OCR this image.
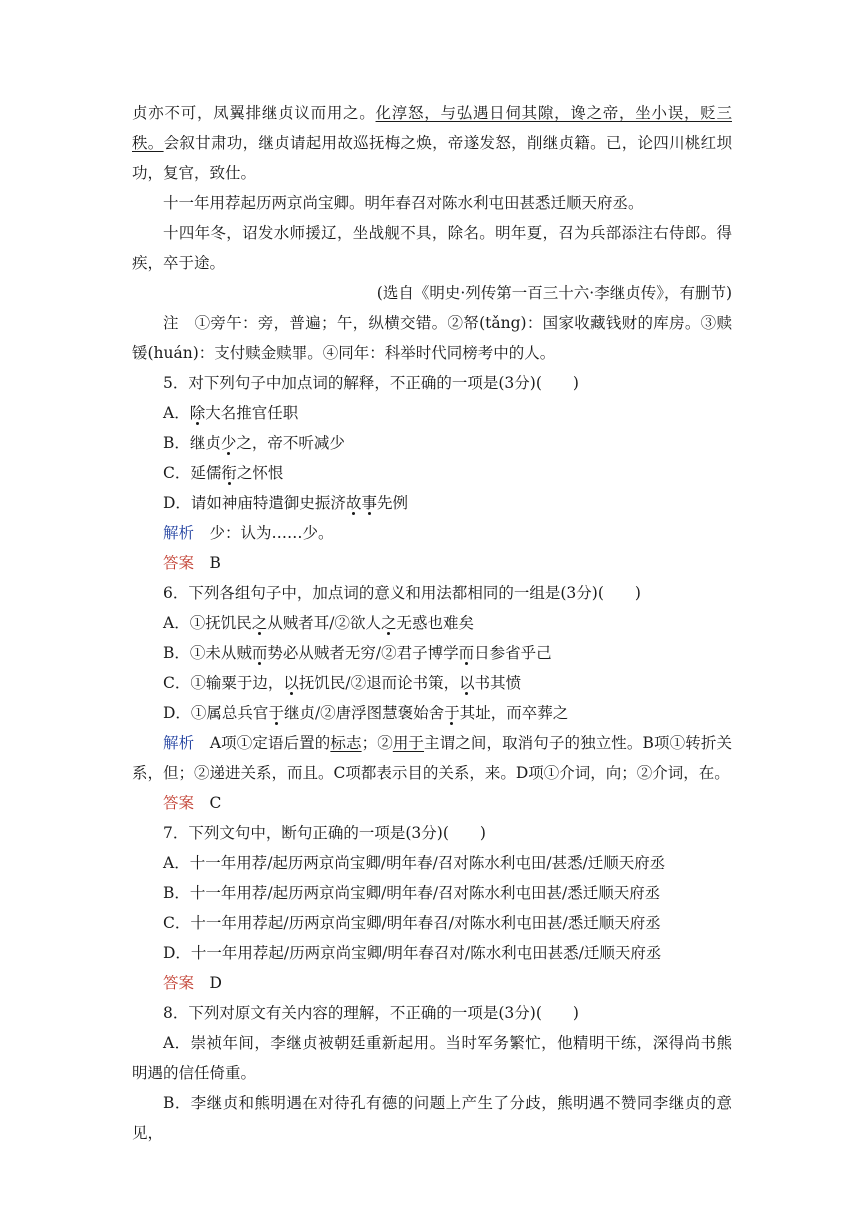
贞亦不可，凤翼排继贞议而用之。化淳怒，与弘遇日伺其隙，谗之帝，坐小误，贬三秩。会叙甘肃功，继贞请起用故巡抚梅之焕，帝遂发怒，削继贞籍。已，论四川桃红坝功，复官，致仕。

十一年用荐起历两京尚宝卿。明年春召对陈水利屯田甚悉迁顺天府丞。

十四年冬，诏发水师援辽，坐战舰不具，除名。明年夏，召为兵部添注右侍郎。得疾，卒于途。

(选自《明史·列传第一百三十六·李继贞传》，有删节)

注　①旁午：旁，普遍；午，纵横交错。②帑(tǎng)：国家收藏钱财的库房。③赎锾(huán)：支付赎金赎罪。④同年：科举时代同榜考中的人。

5．对下列句子中加点词的解释，不正确的一项是(3分)(　　)

A．除大名推官任职

B．继贞少之，帝不听减少

C．延儒衔之怀恨

D．请如神庙特遣御史振济故事先例

解析　少：认为……少。

答案　B

6．下列各组句子中，加点词的意义和用法都相同的一组是(3分)(　　)

A．①抚饥民之从贼者耳/②欲人之无惑也难矣

B．①未从贼而势必从贼者无穷/②君子博学而日参省乎己

C．①输粟于边，以抚饥民/②退而论书策，以书其愤

D．①属总兵官于继贞/②唐浮图慧褒始舍于其址，而卒葬之

解析　A项①定语后置的标志；②用于主谓之间，取消句子的独立性。B项①转折关系，但；②递进关系，而且。C项都表示目的关系，来。D项①介词，向；②介词，在。

答案　C

7．下列文句中，断句正确的一项是(3分)(　　)

A．十一年用荐/起历两京尚宝卿/明年春/召对陈水利屯田/甚悉/迁顺天府丞

B．十一年用荐/起历两京尚宝卿/明年春/召对陈水利屯田甚/悉迁顺天府丞

C．十一年用荐起/历两京尚宝卿/明年春召/对陈水利屯田甚/悉迁顺天府丞

D．十一年用荐起/历两京尚宝卿/明年春召对/陈水利屯田甚悉/迁顺天府丞

答案　D

8．下列对原文有关内容的理解，不正确的一项是(3分)(　　)

A．崇祯年间，李继贞被朝廷重新起用。当时军务繁忙，他精明干练，深得尚书熊明遇的信任倚重。

B．李继贞和熊明遇在对待孔有德的问题上产生了分歧，熊明遇不赞同李继贞的意见，
